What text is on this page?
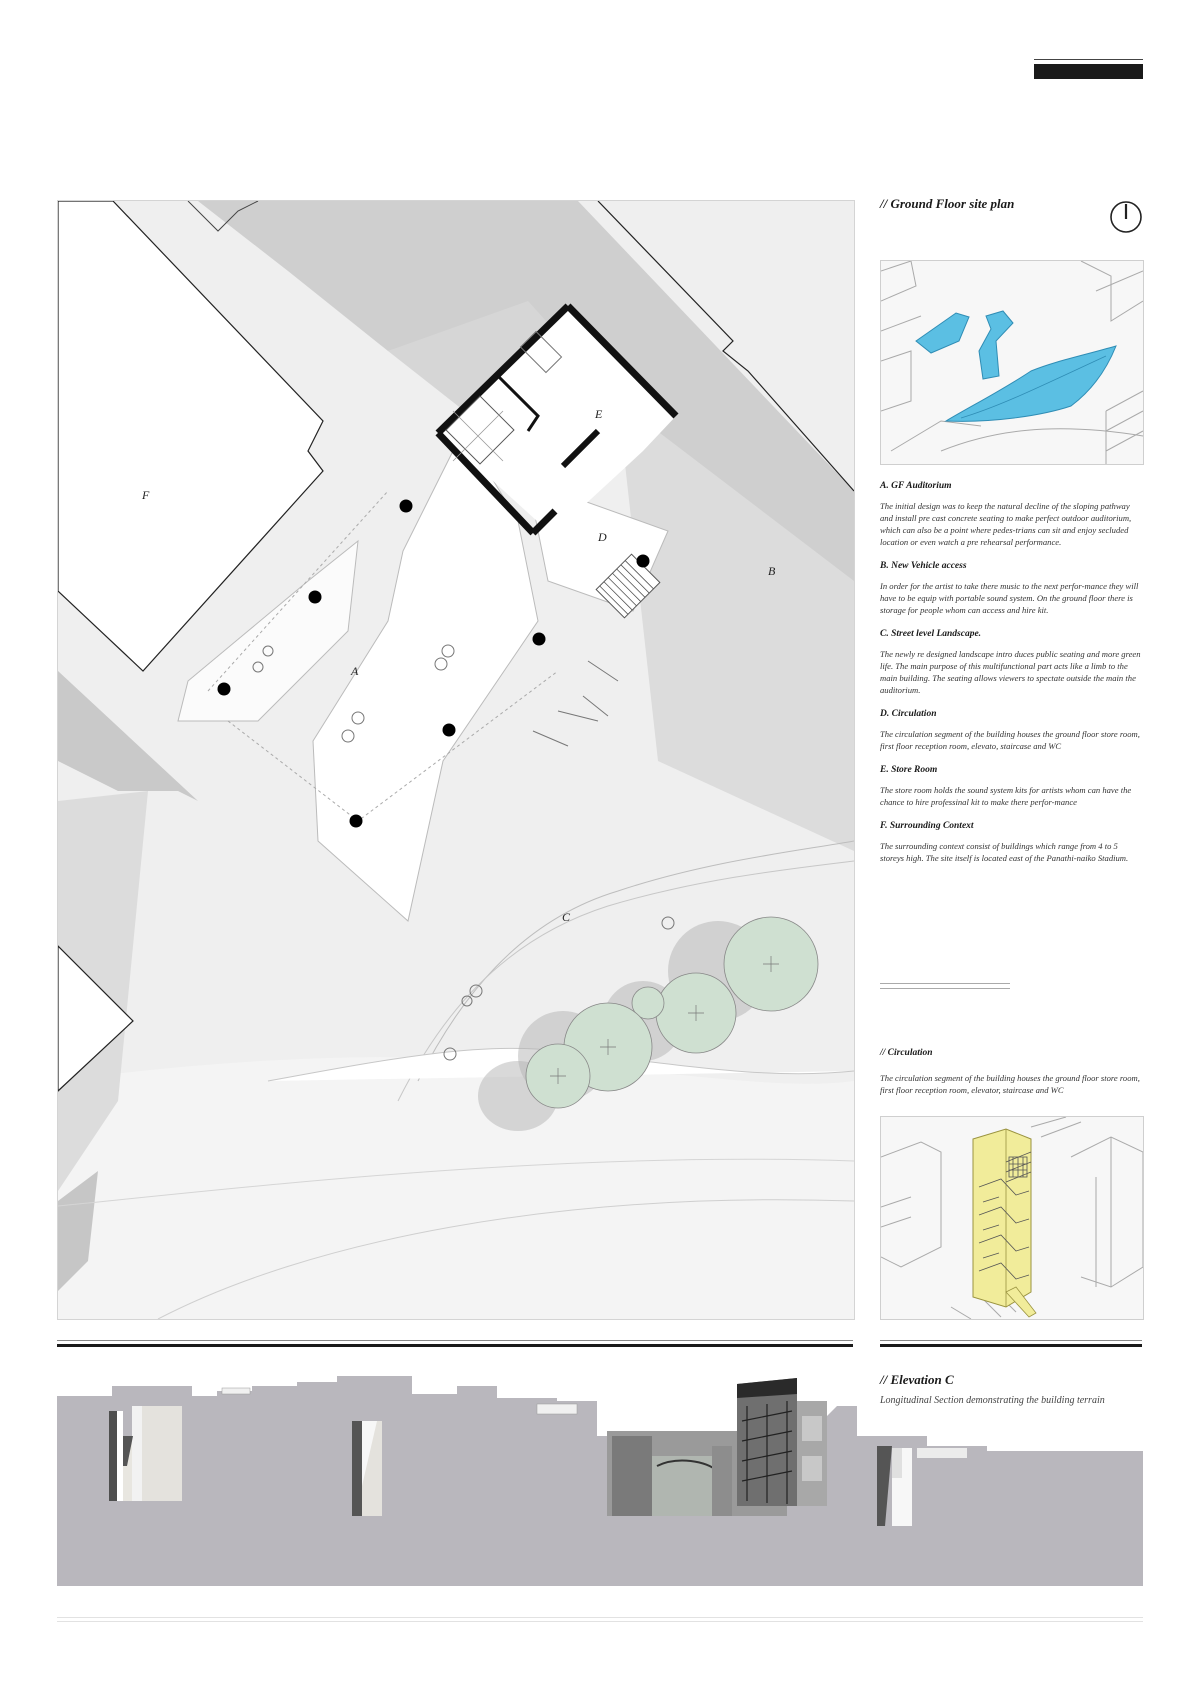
F
A
B
C
D
E
// Ground Floor site plan

A. GF Auditorium

The initial design was to keep the natural decline of the sloping pathway and install pre cast concrete seating to make perfect outdoor auditorium, which can also be a point where pedes-trians can sit and enjoy secluded location or even watch a pre rehearsal performance.

B. New Vehicle access

In order for the artist to take there music to the next perfor-mance they will have to be equip with portable sound system. On the ground floor there is storage for people whom can access and hire kit.

C. Street level Landscape.

The newly re designed landscape intro duces public seating and more green life. The main purpose of this multifunctional part acts like a limb to the main building. The seating allows viewers to spectate outside the main the auditorium.

D. Circulation

The circulation segment of the building houses the ground floor store room, first floor reception room, elevato, staircase and WC

E. Store Room

The store room holds the sound system kits for artists whom can have the chance to hire professinal kit to make there perfor-mance

F. Surrounding Context

The surrounding context consist of buildings which range from 4 to 5 storeys high. The site itself is located east of the Panathi-naiko Stadium.

// Circulation
The circulation segment of the building houses the ground floor store room, first floor reception room, elevator, staircase and WC
// Elevation C
Longitudinal Section demonstrating the building terrain
